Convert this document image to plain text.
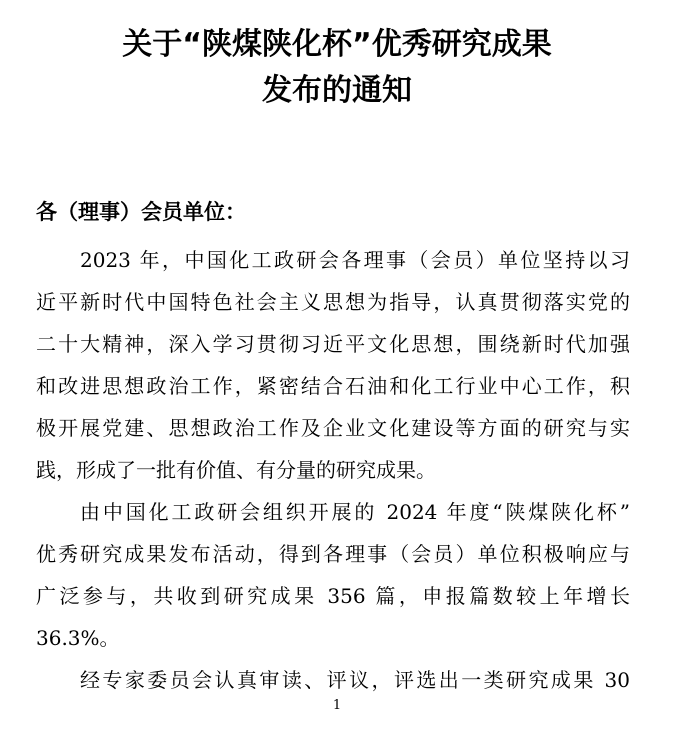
关于“陕煤陕化杯”优秀研究成果
发布的通知
各（理事）会员单位：
2023 年，中国化工政研会各理事（会员）单位坚持以习
近平新时代中国特色社会主义思想为指导，认真贯彻落实党的
二十大精神，深入学习贯彻习近平文化思想，围绕新时代加强
和改进思想政治工作，紧密结合石油和化工行业中心工作，积
极开展党建、思想政治工作及企业文化建设等方面的研究与实
践，形成了一批有价值、有分量的研究成果。
由中国化工政研会组织开展的 2024 年度“陕煤陕化杯”
优秀研究成果发布活动，得到各理事（会员）单位积极响应与
广泛参与，共收到研究成果 356 篇，申报篇数较上年增长
36.3%。
经专家委员会认真审读、评议，评选出一类研究成果 30
1
